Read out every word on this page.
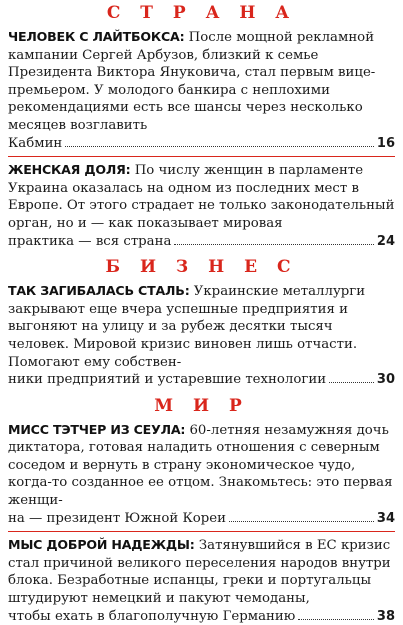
С Т Р А Н А

ЧЕЛОВЕК С ЛАЙТБОКСА: После мощной рекламной кампании Сергей Арбузов, близкий к семье Президента Виктора Януковича, стал первым вице-премьером. У молодого банкира с неплохими рекомендациями есть все шансы через несколько месяцев возглавить

Кабмин	16

ЖЕНСКАЯ ДОЛЯ: По числу женщин в парламенте Украина оказалась на одном из последних мест в Европе. От этого страдает не только законодательный орган, но и — как показывает мировая

практика — вся страна	24
Б И З Н Е С

ТАК ЗАГИБАЛАСЬ СТАЛЬ: Украинские металлурги закрывают еще вчера успешные предприятия и выгоняют на улицу и за рубеж десятки тысяч человек. Мировой кризис виновен лишь отчасти. Помогают ему собствен-

ники предприятий и устаревшие технологии	30
М И Р

МИСС ТЭТЧЕР ИЗ СЕУЛА: 60-летняя незамужняя дочь диктатора, готовая наладить отношения с северным соседом и вернуть в страну экономическое чудо, когда-то созданное ее отцом. Знакомьтесь: это первая женщи-

на — президент Южной Кореи	34

МЫС ДОБРОЙ НАДЕЖДЫ: Затянувшийся в ЕС кризис стал причиной великого переселения народов внутри блока. Безработные испанцы, греки и португальцы штудируют немецкий и пакуют чемоданы,

чтобы ехать в благополучную Германию	38
